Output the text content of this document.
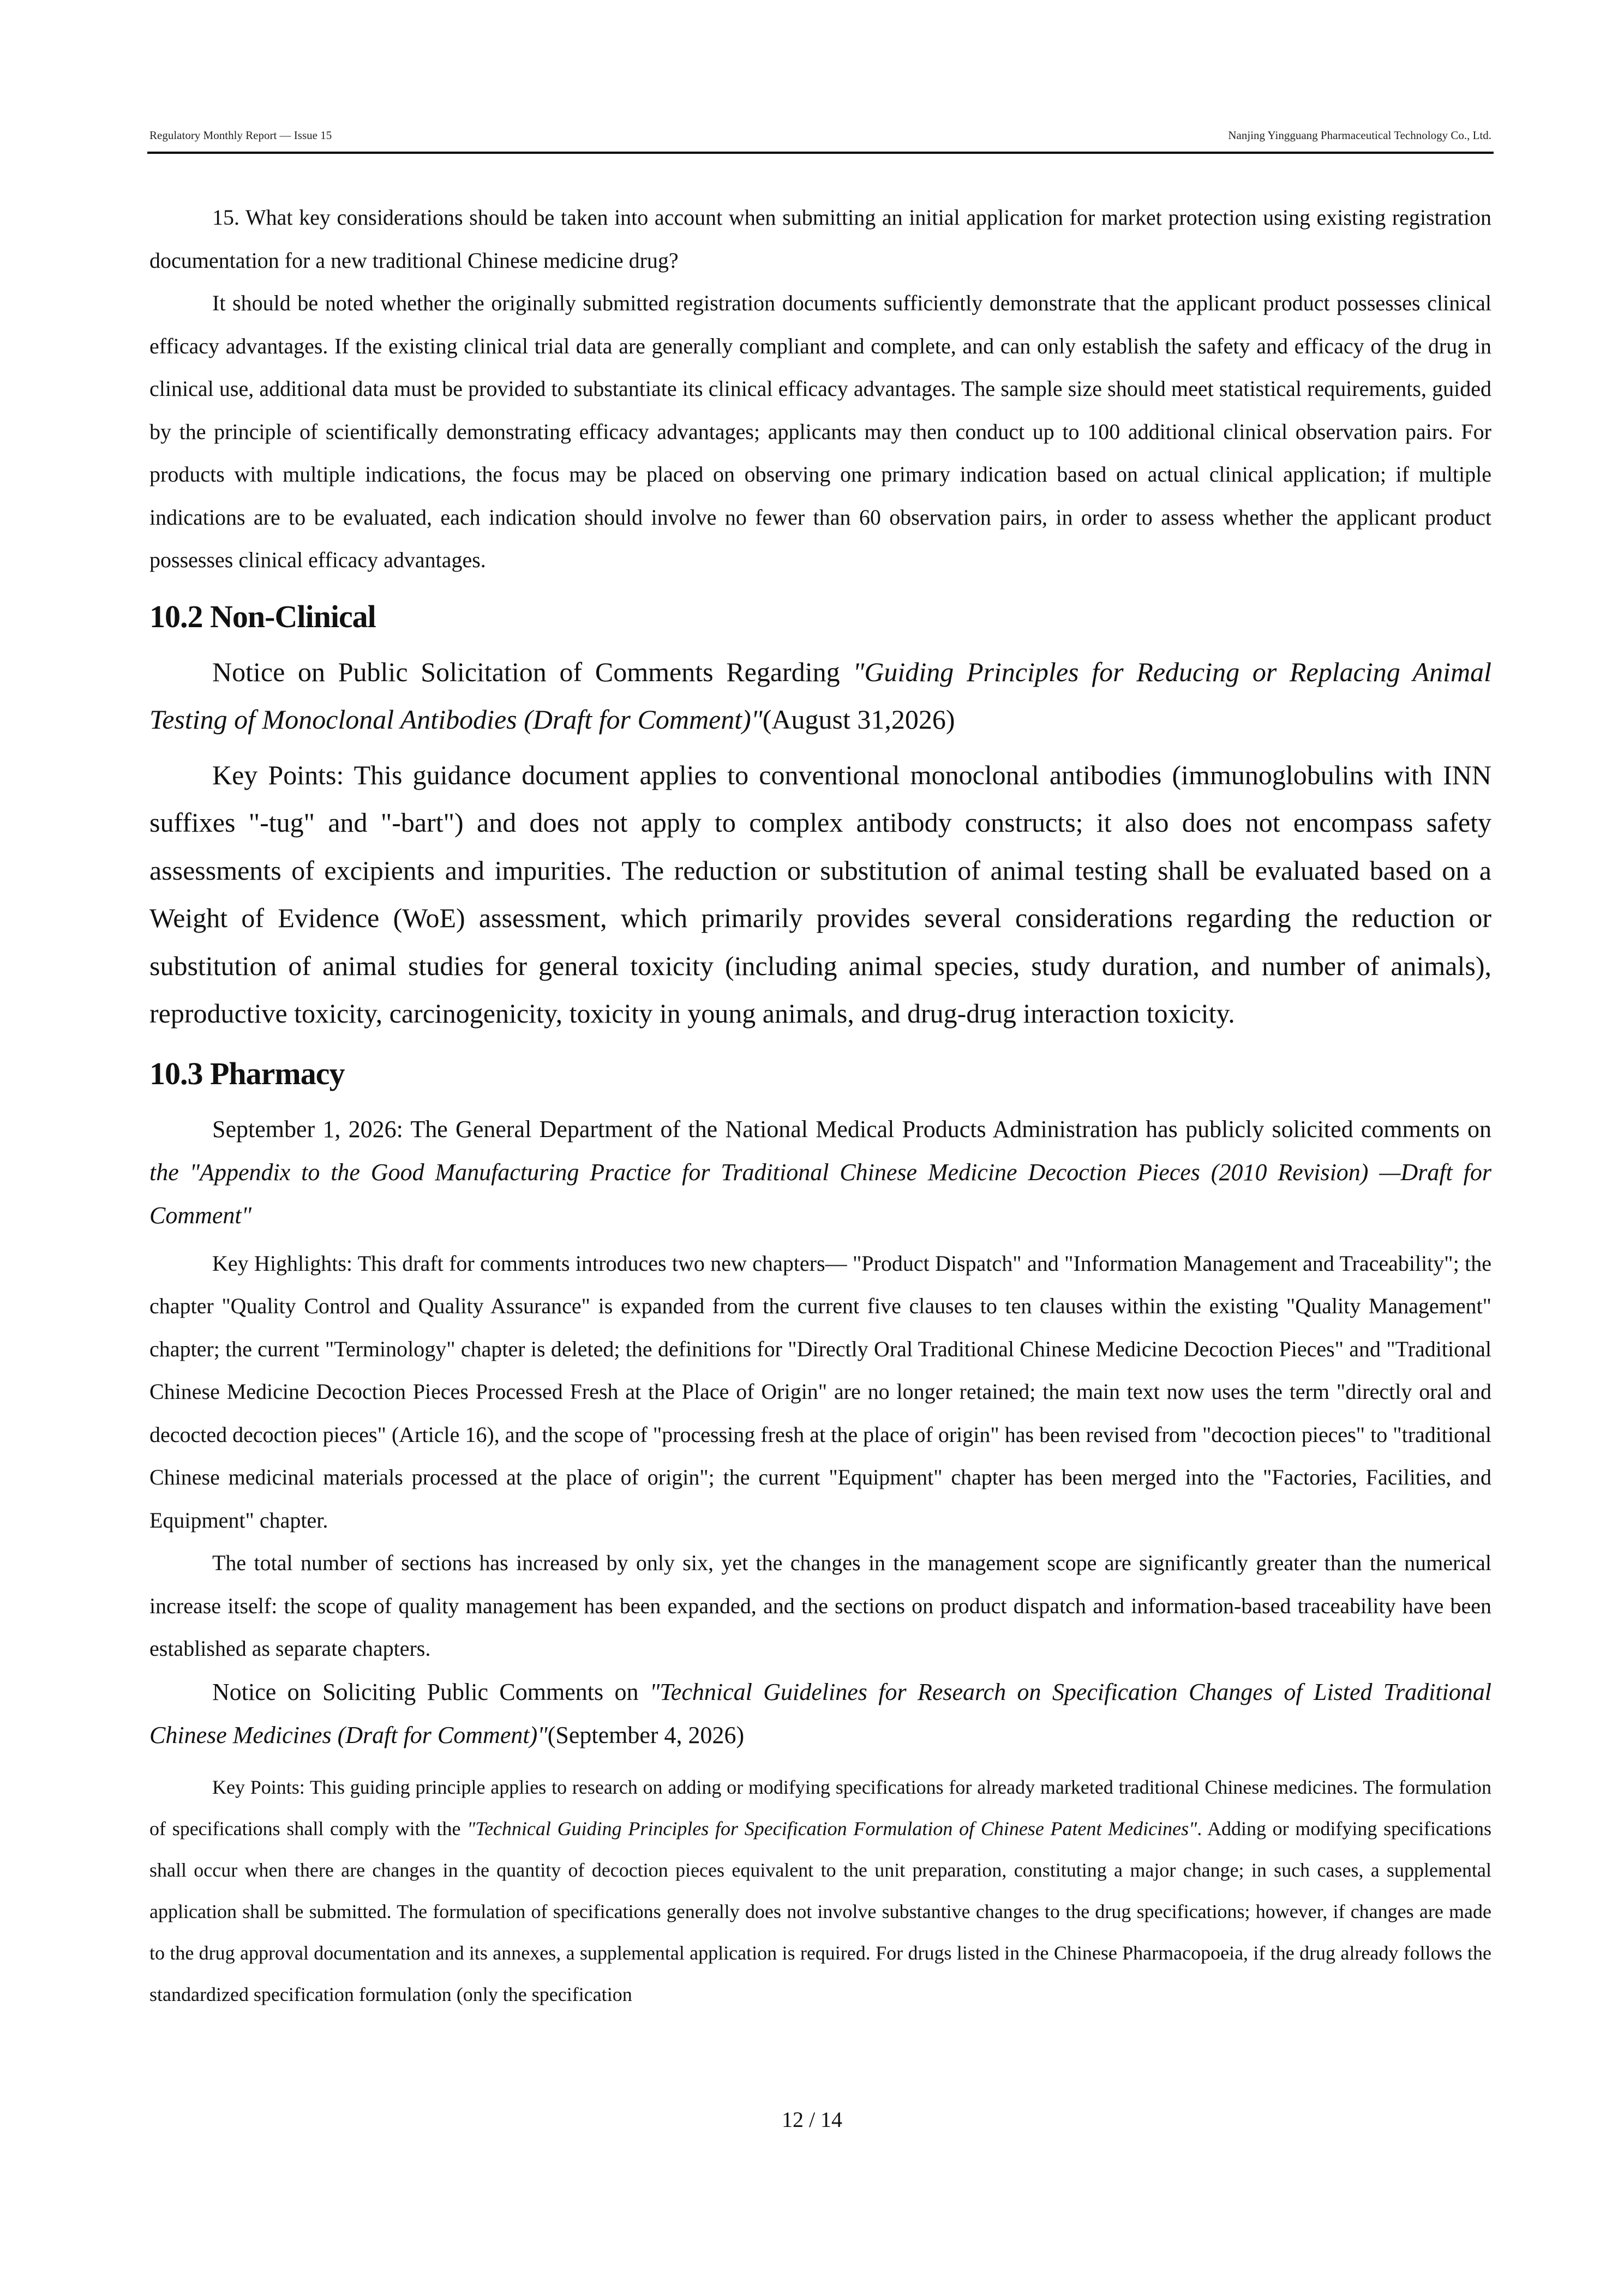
Regulatory Monthly Report — Issue 15	Nanjing Yingguang Pharmaceutical Technology Co., Ltd.

15. What key considerations should be taken into account when submitting an initial application for market protection using existing registration documentation for a new traditional Chinese medicine drug?

It should be noted whether the originally submitted registration documents sufficiently demonstrate that the applicant product possesses clinical efficacy advantages. If the existing clinical trial data are generally compliant and complete, and can only establish the safety and efficacy of the drug in clinical use, additional data must be provided to substantiate its clinical efficacy advantages. The sample size should meet statistical requirements, guided by the principle of scientifically demonstrating efficacy advantages; applicants may then conduct up to 100 additional clinical observation pairs. For products with multiple indications, the focus may be placed on observing one primary indication based on actual clinical application; if multiple indications are to be evaluated, each indication should involve no fewer than 60 observation pairs, in order to assess whether the applicant product possesses clinical efficacy advantages.

10.2 Non-Clinical

Notice on Public Solicitation of Comments Regarding "Guiding Principles for Reducing or Replacing Animal Testing of Monoclonal Antibodies (Draft for Comment)"(August 31,2026)

Key Points: This guidance document applies to conventional monoclonal antibodies (immunoglobulins with INN suffixes "-tug" and "-bart") and does not apply to complex antibody constructs; it also does not encompass safety assessments of excipients and impurities. The reduction or substitution of animal testing shall be evaluated based on a Weight of Evidence (WoE) assessment, which primarily provides several considerations regarding the reduction or substitution of animal studies for general toxicity (including animal species, study duration, and number of animals), reproductive toxicity, carcinogenicity, toxicity in young animals, and drug-drug interaction toxicity.

10.3 Pharmacy

September 1, 2026: The General Department of the National Medical Products Administration has publicly solicited comments on the "Appendix to the Good Manufacturing Practice for Traditional Chinese Medicine Decoction Pieces (2010 Revision) —Draft for Comment"

Key Highlights: This draft for comments introduces two new chapters— "Product Dispatch" and "Information Management and Traceability"; the chapter "Quality Control and Quality Assurance" is expanded from the current five clauses to ten clauses within the existing "Quality Management" chapter; the current "Terminology" chapter is deleted; the definitions for "Directly Oral Traditional Chinese Medicine Decoction Pieces" and "Traditional Chinese Medicine Decoction Pieces Processed Fresh at the Place of Origin" are no longer retained; the main text now uses the term "directly oral and decocted decoction pieces" (Article 16), and the scope of "processing fresh at the place of origin" has been revised from "decoction pieces" to "traditional Chinese medicinal materials processed at the place of origin"; the current "Equipment" chapter has been merged into the "Factories, Facilities, and Equipment" chapter.

The total number of sections has increased by only six, yet the changes in the management scope are significantly greater than the numerical increase itself: the scope of quality management has been expanded, and the sections on product dispatch and information-based traceability have been established as separate chapters.

Notice on Soliciting Public Comments on "Technical Guidelines for Research on Specification Changes of Listed Traditional Chinese Medicines (Draft for Comment)"(September 4, 2026)

Key Points: This guiding principle applies to research on adding or modifying specifications for already marketed traditional Chinese medicines. The formulation of specifications shall comply with the "Technical Guiding Principles for Specification Formulation of Chinese Patent Medicines". Adding or modifying specifications shall occur when there are changes in the quantity of decoction pieces equivalent to the unit preparation, constituting a major change; in such cases, a supplemental application shall be submitted. The formulation of specifications generally does not involve substantive changes to the drug specifications; however, if changes are made to the drug approval documentation and its annexes, a supplemental application is required. For drugs listed in the Chinese Pharmacopoeia, if the drug already follows the standardized specification formulation (only the specification

12 / 14
